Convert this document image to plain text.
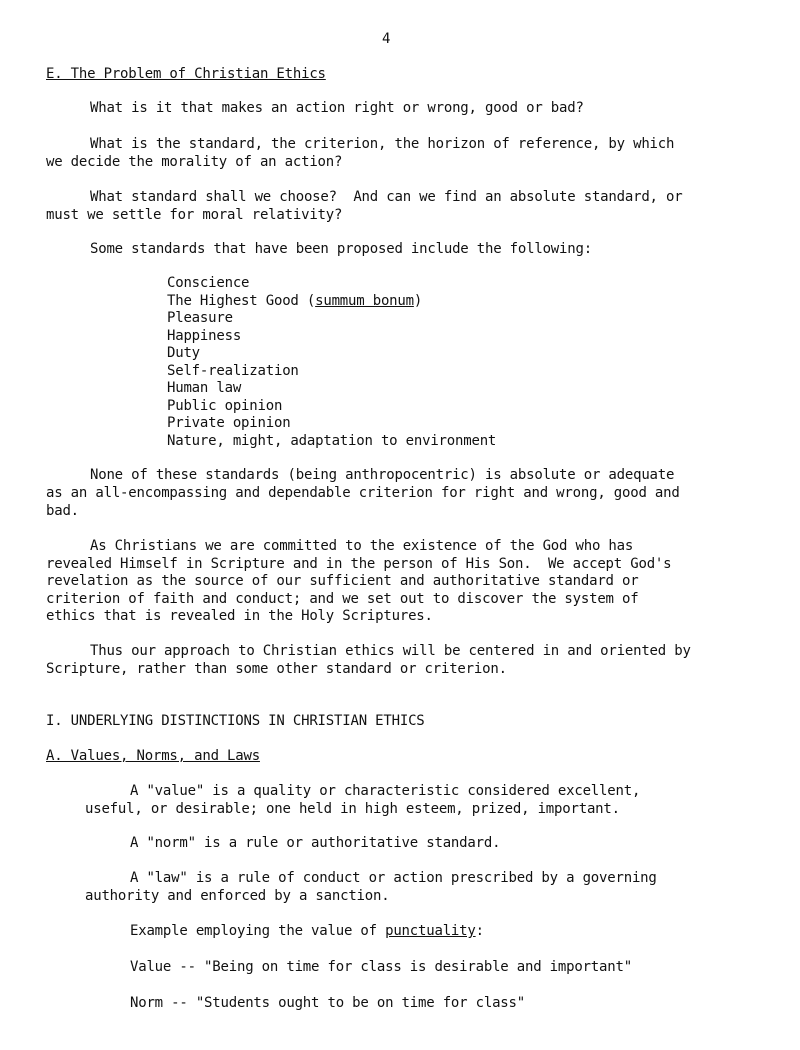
4
E. The Problem of Christian Ethics
What is it that makes an action right or wrong, good or bad?
What is the standard, the criterion, the horizon of reference, by which
we decide the morality of an action?
What standard shall we choose?  And can we find an absolute standard, or
must we settle for moral relativity?
Some standards that have been proposed include the following:
Conscience
The Highest Good (summum bonum)
Pleasure
Happiness
Duty
Self-realization
Human law
Public opinion
Private opinion
Nature, might, adaptation to environment
None of these standards (being anthropocentric) is absolute or adequate
as an all-encompassing and dependable criterion for right and wrong, good and
bad.
As Christians we are committed to the existence of the God who has
revealed Himself in Scripture and in the person of His Son.  We accept God's
revelation as the source of our sufficient and authoritative standard or
criterion of faith and conduct; and we set out to discover the system of
ethics that is revealed in the Holy Scriptures.
Thus our approach to Christian ethics will be centered in and oriented by
Scripture, rather than some other standard or criterion.
I. UNDERLYING DISTINCTIONS IN CHRISTIAN ETHICS
A. Values, Norms, and Laws
A "value" is a quality or characteristic considered excellent,
useful, or desirable; one held in high esteem, prized, important.
A "norm" is a rule or authoritative standard.
A "law" is a rule of conduct or action prescribed by a governing
authority and enforced by a sanction.
Example employing the value of punctuality:
Value -- "Being on time for class is desirable and important"
Norm -- "Students ought to be on time for class"
